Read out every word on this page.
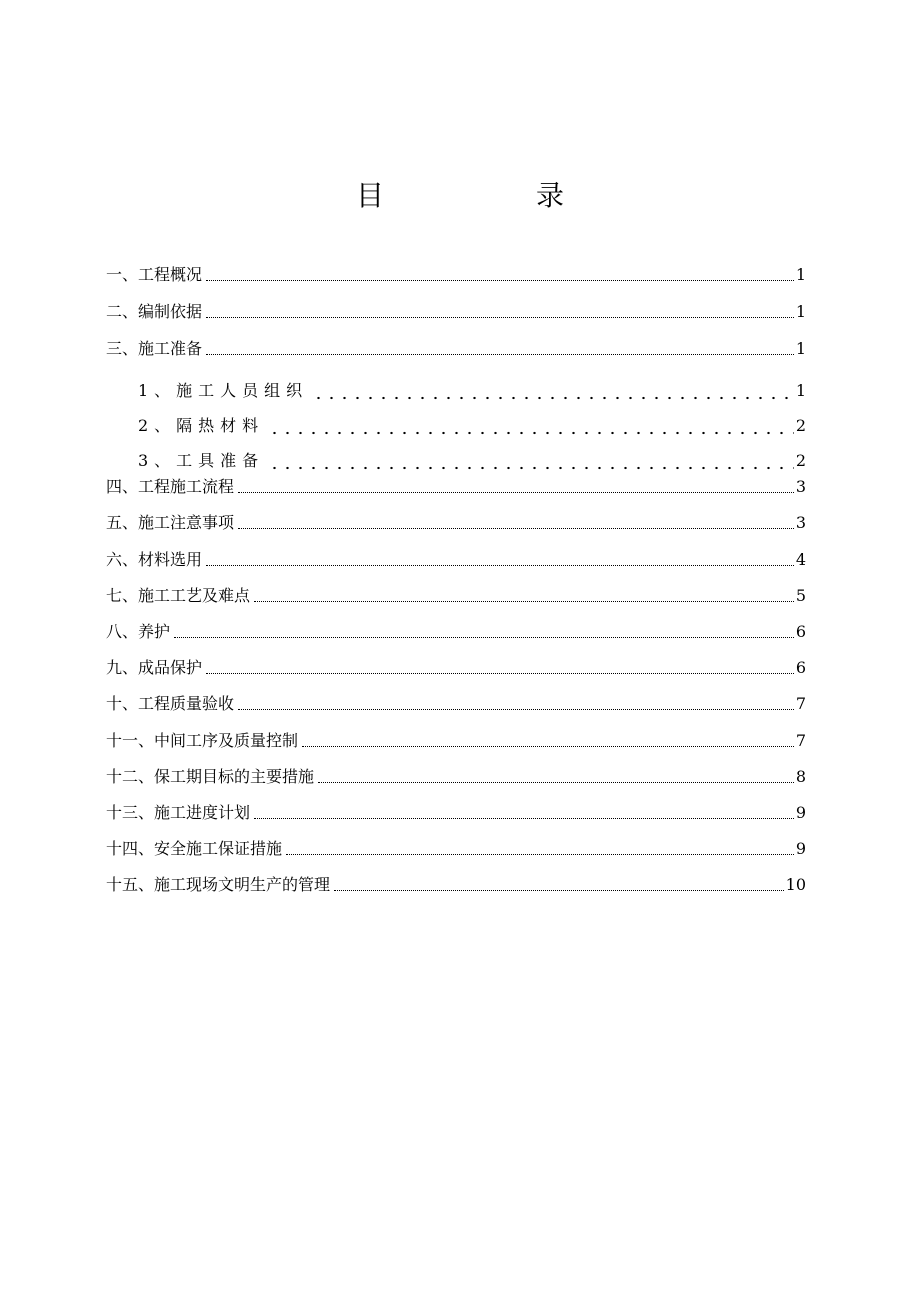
目　录
一、工程概况	1
二、编制依据	1
三、施工准备	1
1、施工人员组织	1
2、隔热材料	2
3、工具准备	2
四、工程施工流程	3
五、施工注意事项	3
六、材料选用	4
七、施工工艺及难点	5
八、养护	6
九、成品保护	6
十、工程质量验收	7
十一、中间工序及质量控制	7
十二、保工期目标的主要措施	8
十三、施工进度计划	9
十四、安全施工保证措施	9
十五、施工现场文明生产的管理	10
